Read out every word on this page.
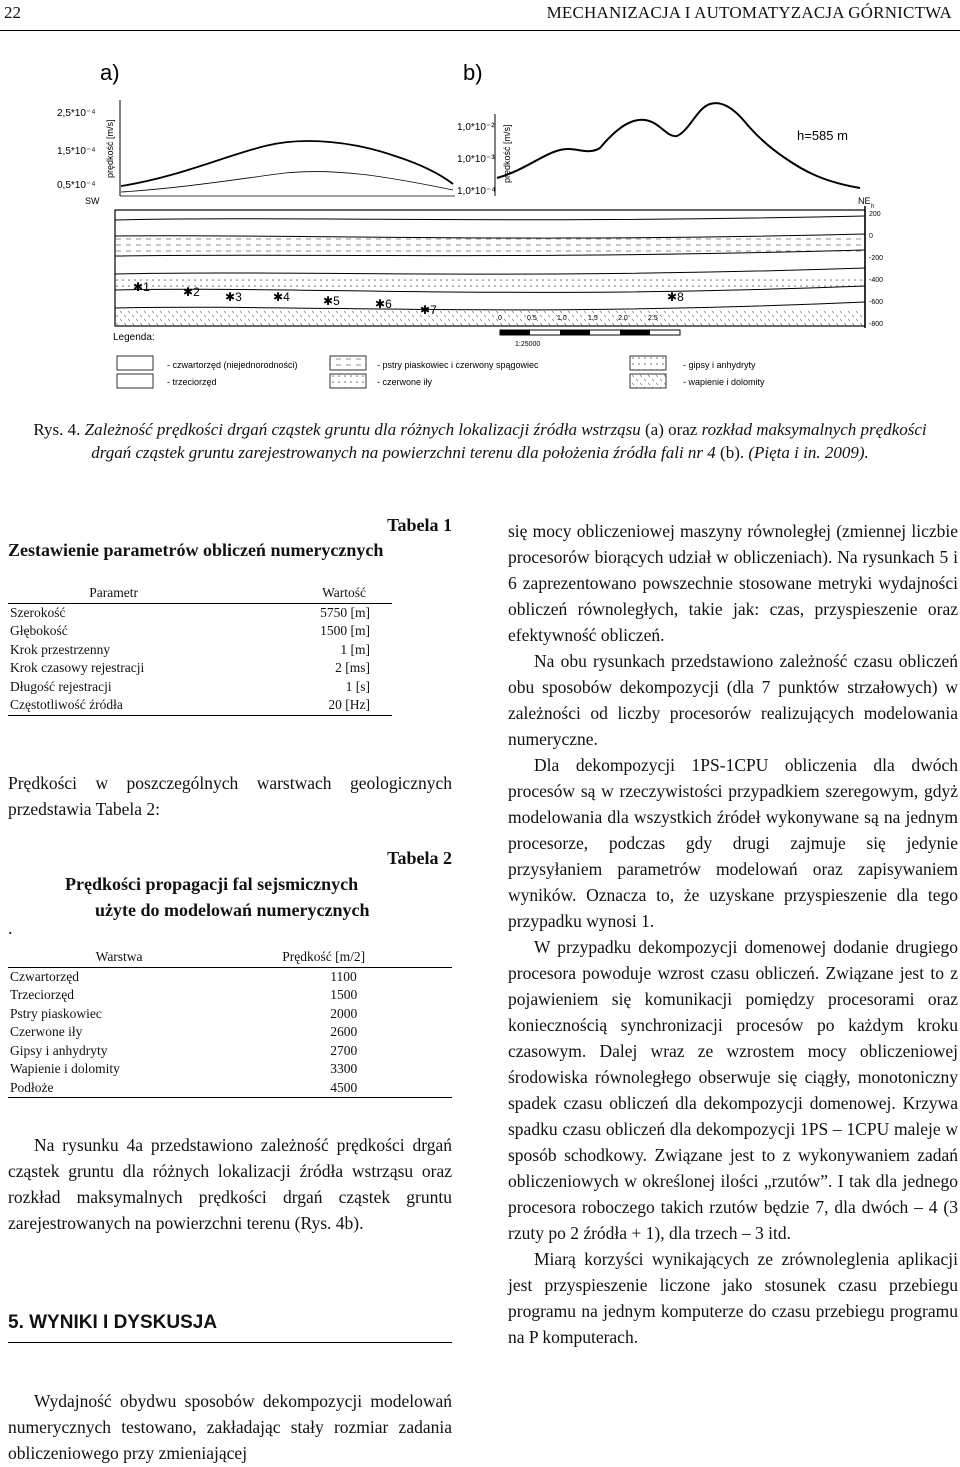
22	MECHANIZACJA I AUTOMATYZACJA GÓRNICTWA
a)	b)
2,5*10⁻⁴
1,5*10⁻⁴
0,5*10⁻⁴
prędkość [m/s]
SW
1,0*10⁻²
1,0*10⁻³
1,0*10⁻⁴
prędkość [m/s]	h=585 m
NE
✱1	✱2 ✱3	✱4	✱5	✱6 ✱7
✱8
h
200
0
-200
-400
-600
-800
0	0.5	1.0	1.5	2.0	2.5
1:25000
Legenda:
- czwartorzęd (niejednorodności)
- trzeciorzęd
- pstry piaskowiec i czerwony spągowiec
- czerwone iły
- gipsy i anhydryty
- wapienie i dolomity
Rys. 4. Zależność prędkości drgań cząstek gruntu dla różnych lokalizacji źródła wstrząsu (a) oraz rozkład maksymalnych prędkości drgań cząstek gruntu zarejestrowanych na powierzchni terenu dla położenia źródła fali nr 4 (b). (Pięta i in. 2009).
Tabela 1
Zestawienie parametrów obliczeń numerycznych
Parametr	Wartość
Szerokość	5750 [m]
Głębokość	1500 [m]
Krok przestrzenny	1 [m]
Krok czasowy rejestracji	2 [ms]
Długość rejestracji	1 [s]
Częstotliwość źródła	20 [Hz]
Prędkości w poszczególnych warstwach geologicznych przedstawia Tabela 2:
Tabela 2
Prędkości propagacji fal sejsmicznych
użyte do modelowań numerycznych
.
Warstwa	Prędkość [m/2]
Czwartorzęd	1100
Trzeciorzęd	1500
Pstry piaskowiec	2000
Czerwone iły	2600
Gipsy i anhydryty	2700
Wapienie i dolomity	3300
Podłoże	4500
Na rysunku 4a przedstawiono zależność prędkości drgań cząstek gruntu dla różnych lokalizacji źródła wstrząsu oraz rozkład maksymalnych prędkości drgań cząstek gruntu zarejestrowanych na powierzchni terenu (Rys. 4b).
5. WYNIKI I DYSKUSJA
Wydajność obydwu sposobów dekompozycji modelowań numerycznych testowano, zakładając stały rozmiar zadania obliczeniowego przy zmieniającej

się mocy obliczeniowej maszyny równoległej (zmiennej liczbie procesorów biorących udział w obliczeniach). Na rysunkach 5 i 6 zaprezentowano powszechnie stosowane metryki wydajności obliczeń równoległych, takie jak: czas, przyspieszenie oraz efektywność obliczeń.

Na obu rysunkach przedstawiono zależność czasu obliczeń obu sposobów dekompozycji (dla 7 punktów strzałowych) w zależności od liczby procesorów realizujących modelowania numeryczne.

Dla dekompozycji 1PS-1CPU obliczenia dla dwóch procesów są w rzeczywistości przypadkiem szeregowym, gdyż modelowania dla wszystkich źródeł wykonywane są na jednym procesorze, podczas gdy drugi zajmuje się jedynie przysyłaniem parametrów modelowań oraz zapisywaniem wyników. Oznacza to, że uzyskane przyspieszenie dla tego przypadku wynosi 1.

W przypadku dekompozycji domenowej dodanie drugiego procesora powoduje wzrost czasu obliczeń. Związane jest to z pojawieniem się komunikacji pomiędzy procesorami oraz koniecznością synchronizacji procesów po każdym kroku czasowym. Dalej wraz ze wzrostem mocy obliczeniowej środowiska równoległego obserwuje się ciągły, monotoniczny spadek czasu obliczeń dla dekompozycji domenowej. Krzywa spadku czasu obliczeń dla dekompozycji 1PS – 1CPU maleje w sposób schodkowy. Związane jest to z wykonywaniem zadań obliczeniowych w określonej ilości „rzutów”. I tak dla jednego procesora roboczego takich rzutów będzie 7, dla dwóch – 4 (3 rzuty po 2 źródła + 1), dla trzech – 3 itd.

Miarą korzyści wynikających ze zrównoleglenia aplikacji jest przyspieszenie liczone jako stosunek czasu przebiegu programu na jednym komputerze do czasu przebiegu programu na P komputerach.
